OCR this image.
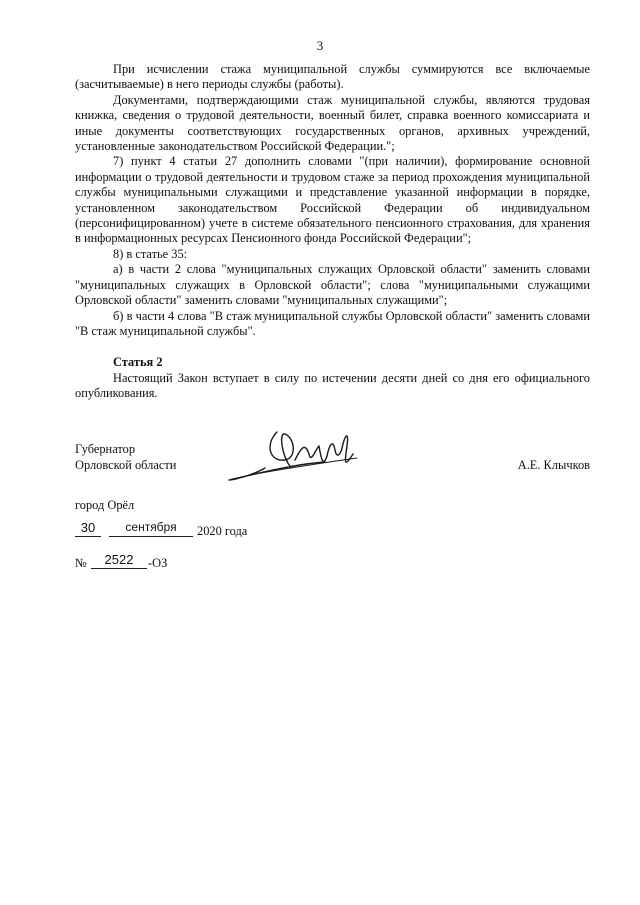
3

При исчислении стажа муниципальной службы суммируются все включаемые (засчитываемые) в него периоды службы (работы).

Документами, подтверждающими стаж муниципальной службы, являются трудовая книжка, сведения о трудовой деятельности, военный билет, справка военного комиссариата и иные документы соответствующих государственных органов, архивных учреждений, установленные законодательством Российской Федерации.";

7) пункт 4 статьи 27 дополнить словами "(при наличии), формирование основной информации о трудовой деятельности и трудовом стаже за период прохождения муниципальной службы муниципальными служащими и представление указанной информации в порядке, установленном законодательством Российской Федерации об индивидуальном (персонифицированном) учете в системе обязательного пенсионного страхования, для хранения в информационных ресурсах Пенсионного фонда Российской Федерации";

8) в статье 35:

а) в части 2 слова "муниципальных служащих Орловской области" заменить словами "муниципальных служащих в Орловской области"; слова "муниципальными служащими Орловской области" заменить словами "муниципальных служащими";

б) в части 4 слова "В стаж муниципальной службы Орловской области" заменить словами "В стаж муниципальной службы".

Статья 2

Настоящий Закон вступает в силу по истечении десяти дней со дня его официального опубликования.

Губернатор
Орловской области	А.Е. Клычков
город Орёл
30	сентября	2020 года
№	2522	-ОЗ
